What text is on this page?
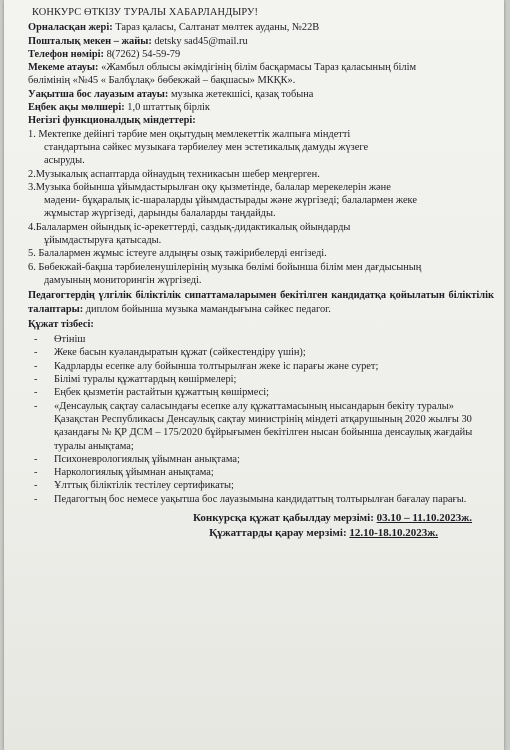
КОНКУРС ӨТКІЗУ ТУРАЛЫ ХАБАРЛАНДЫРУ!

Орналасқан жері: Тараз қаласы, Салтанат мөлтек ауданы, №22В

Пошталық мекен – жайы: detsky sad45@mail.ru

Телефон нөмірі: 8(7262) 54-59-79

Мекеме атауы: «Жамбыл облысы әкімдігінің білім басқармасы Тараз қаласының білім
бөлімінің «№45 « Балбұлақ» бөбекжай – бақшасы» МКҚК».

Уақытша бос лауазым атауы: музыка жетекшісі, қазақ тобына

Еңбек ақы мөлшері: 1,0 штаттық бірлік

Негізгі функционалдық міндеттері:

1. Мектепке дейінгі тәрбие мен оқытудың мемлекеттік жалпыға міндетті
стандартына сәйкес музыкаға тәрбиелеу мен эстетикалық дамуды жүзеге
асыруды.

2.Музыкалық аспаптарда ойнаудың техникасын шебер меңгерген.

3.Музыка бойынша ұйымдастырылған оқу қызметінде, балалар мерекелерін және
мәдени- бұқаралық іс-шараларды ұйымдастырады және жүргізеді; балалармен жеке
жұмыстар жүргізеді, дарынды балаларды таңдайды.

4.Балалармен ойындық іс-әрекеттерді, саздық-дидактикалық ойындарды
ұйымдастыруға қатысады.

5. Балалармен жұмыс істеуге алдыңғы озық тәжірибелерді енгізеді.

6. Бөбекжай-бақша тәрбиеленушілерінің музыка бөлімі бойынша білім мен дағдысының
дамуының мониторингін жүргізеді.

Педагогтердің үлгілік біліктілік сипаттамаларымен бекітілген кандидатқа қойылатын біліктілік талаптары: диплом бойынша музыка мамандығына сәйкес педагог.

Құжат тізбесі:

- Өтініш
- Жеке басын куәландыратын құжат (сәйкестендіру үшін);
- Кадрларды есепке алу бойынша толтырылған жеке іс парағы және сурет;
- Білімі туралы құжаттардың көшірмелері;
- Еңбек қызметін растайтын құжаттың көшірмесі;
- «Денсаулық сақтау саласындағы есепке алу құжаттамасының нысандарын бекіту туралы» Қазақстан Республикасы Денсаулық сақтау министрінің міндеті атқарушының 2020 жылғы 30 қазандағы № ҚР ДСМ – 175/2020 бұйрығымен бекітілген нысан бойынша денсаулық жағдайы туралы анықтама;
- Психоневрологиялық ұйымнан анықтама;
- Наркологиялық ұйымнан анықтама;
- Ұлттық біліктілік тестілеу сертификаты;
- Педагогтың бос немесе уақытша бос лауазымына кандидаттың толтырылған бағалау парағы.

Конкурсқа құжат қабылдау мерзімі: 03.10 – 11.10.2023ж.

Құжаттарды қарау мерзімі: 12.10-18.10.2023ж.
